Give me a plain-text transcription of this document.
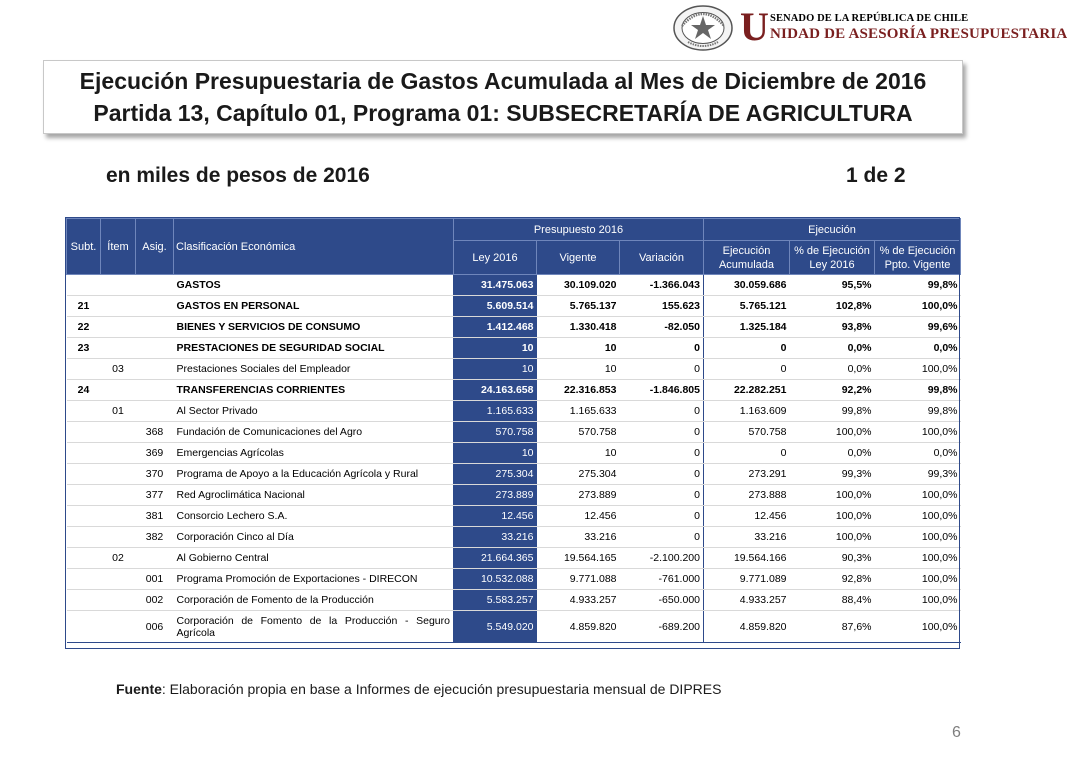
U SENADO DE LA REPÚBLICA DE CHILE
NIDAD DE ASESORÍA PRESUPUESTARIA
Ejecución Presupuestaria de Gastos Acumulada al Mes de Diciembre de 2016
Partida 13, Capítulo 01, Programa 01: SUBSECRETARÍA DE AGRICULTURA
en miles de pesos de 2016	1 de 2
Subt.	Ítem	Asig.	Clasificación Económica	Presupuesto 2016			Ejecución		
				Ley 2016	Vigente	Variación	Ejecución Acumulada	% de Ejecución Ley 2016	% de Ejecución Ppto. Vigente
			GASTOS	31.475.063	30.109.020	-1.366.043	30.059.686	95,5%	99,8%
21			GASTOS EN PERSONAL	5.609.514	5.765.137	155.623	5.765.121	102,8%	100,0%
22			BIENES Y SERVICIOS DE CONSUMO	1.412.468	1.330.418	-82.050	1.325.184	93,8%	99,6%
23			PRESTACIONES DE SEGURIDAD SOCIAL	10	10	0	0	0,0%	0,0%
	03		Prestaciones Sociales del Empleador	10	10	0	0	0,0%	100,0%
24			TRANSFERENCIAS CORRIENTES	24.163.658	22.316.853	-1.846.805	22.282.251	92,2%	99,8%
	01		Al Sector Privado	1.165.633	1.165.633	0	1.163.609	99,8%	99,8%
		368	Fundación de Comunicaciones del Agro	570.758	570.758	0	570.758	100,0%	100,0%
		369	Emergencias Agrícolas	10	10	0	0	0,0%	0,0%
		370	Programa de Apoyo a la Educación Agrícola y Rural	275.304	275.304	0	273.291	99,3%	99,3%
		377	Red Agroclimática Nacional	273.889	273.889	0	273.888	100,0%	100,0%
		381	Consorcio Lechero S.A.	12.456	12.456	0	12.456	100,0%	100,0%
		382	Corporación Cinco al Día	33.216	33.216	0	33.216	100,0%	100,0%
	02		Al Gobierno Central	21.664.365	19.564.165	-2.100.200	19.564.166	90,3%	100,0%
		001	Programa Promoción de Exportaciones - DIRECON	10.532.088	9.771.088	-761.000	9.771.089	92,8%	100,0%
		002	Corporación de Fomento de la Producción	5.583.257	4.933.257	-650.000	4.933.257	88,4%	100,0%
		006	Corporación de Fomento de la Producción - Seguro Agrícola	5.549.020	4.859.820	-689.200	4.859.820	87,6%	100,0%
Fuente: Elaboración propia en base a Informes de ejecución presupuestaria mensual de DIPRES
6
